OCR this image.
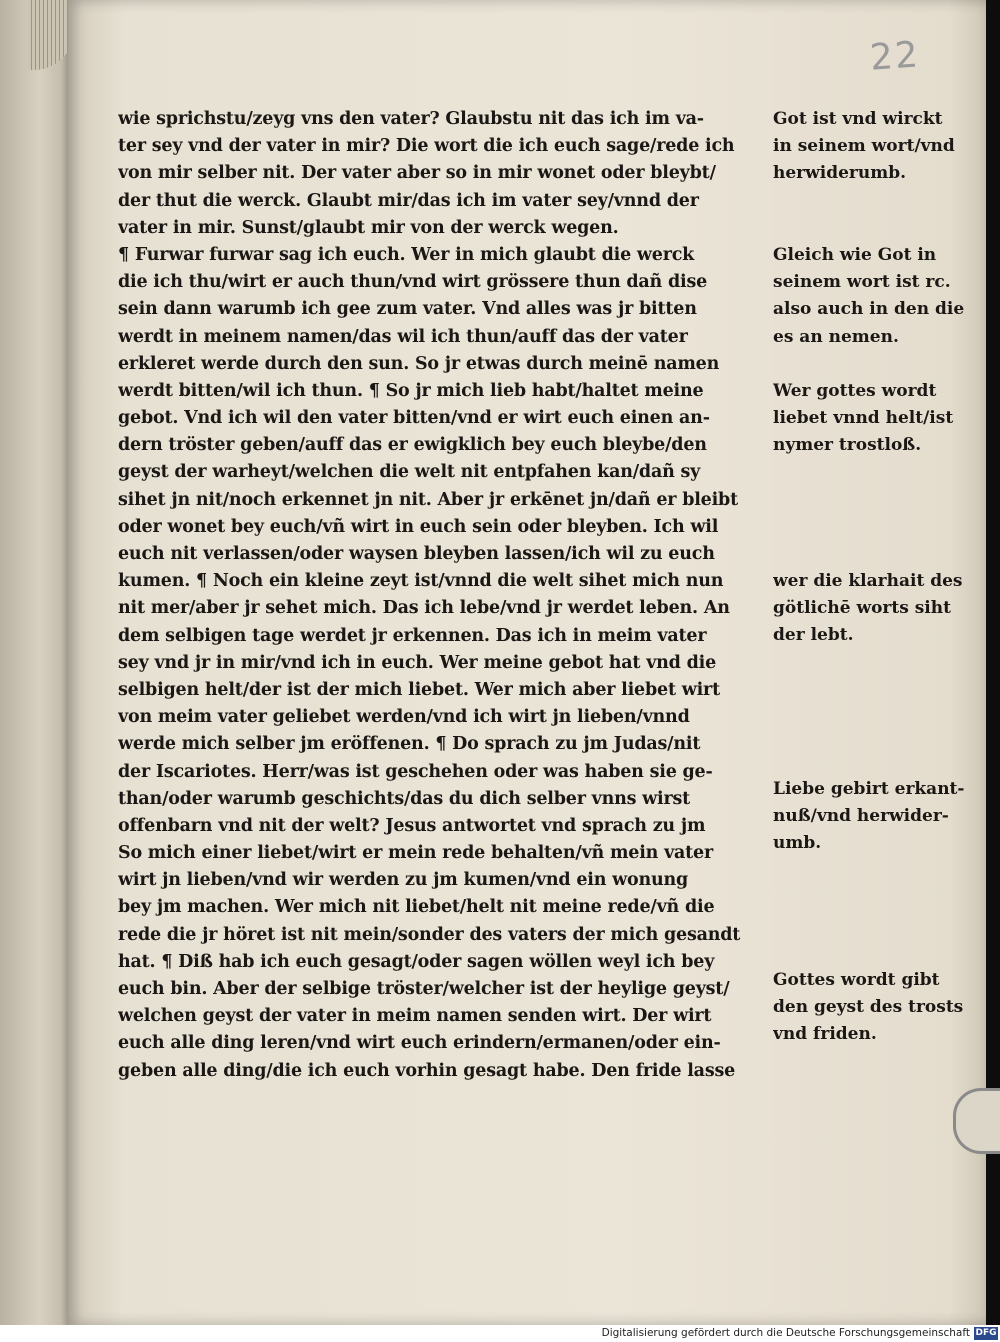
22
wie sprichstu/zeyg vns den vater? Glaubstu nit das ich im va-
ter sey vnd der vater in mir? Die wort die ich euch sage/rede ich
von mir selber nit. Der vater aber so in mir wonet oder bleybt/
der thut die werck. Glaubt mir/das ich im vater sey/vnnd der
vater in mir. Sunst/glaubt mir von der werck wegen.
¶ Furwar furwar sag ich euch. Wer in mich glaubt die werck
die ich thu/wirt er auch thun/vnd wirt grössere thun dañ dise
sein dann warumb ich gee zum vater. Vnd alles was jr bitten
werdt in meinem namen/das wil ich thun/auff das der vater
erkleret werde durch den sun. So jr etwas durch meinē namen
werdt bitten/wil ich thun. ¶ So jr mich lieb habt/haltet meine
gebot. Vnd ich wil den vater bitten/vnd er wirt euch einen an-
dern tröster geben/auff das er ewigklich bey euch bleybe/den
geyst der warheyt/welchen die welt nit entpfahen kan/dañ sy
sihet jn nit/noch erkennet jn nit. Aber jr erkēnet jn/dañ er bleibt
oder wonet bey euch/vñ wirt in euch sein oder bleyben. Ich wil
euch nit verlassen/oder waysen bleyben lassen/ich wil zu euch
kumen. ¶ Noch ein kleine zeyt ist/vnnd die welt sihet mich nun
nit mer/aber jr sehet mich. Das ich lebe/vnd jr werdet leben. An
dem selbigen tage werdet jr erkennen. Das ich in meim vater
sey vnd jr in mir/vnd ich in euch. Wer meine gebot hat vnd die
selbigen helt/der ist der mich liebet. Wer mich aber liebet wirt
von meim vater geliebet werden/vnd ich wirt jn lieben/vnnd
werde mich selber jm eröffenen. ¶ Do sprach zu jm Judas/nit
der Iscariotes. Herr/was ist geschehen oder was haben sie ge-
than/oder warumb geschichts/das du dich selber vnns wirst
offenbarn vnd nit der welt? Jesus antwortet vnd sprach zu jm
So mich einer liebet/wirt er mein rede behalten/vñ mein vater
wirt jn lieben/vnd wir werden zu jm kumen/vnd ein wonung
bey jm machen. Wer mich nit liebet/helt nit meine rede/vñ die
rede die jr höret ist nit mein/sonder des vaters der mich gesandt
hat. ¶ Diß hab ich euch gesagt/oder sagen wöllen weyl ich bey
euch bin. Aber der selbige tröster/welcher ist der heylige geyst/
welchen geyst der vater in meim namen senden wirt. Der wirt
euch alle ding leren/vnd wirt euch erindern/ermanen/oder ein-
geben alle ding/die ich euch vorhin gesagt habe. Den fride lasse
Got ist vnd wirckt
in seinem wort/vnd
herwiderumb.
Gleich wie Got in
seinem wort ist rc.
also auch in den die
es an nemen.
Wer gottes wordt
liebet vnnd helt/ist
nymer trostloß.
wer die klarhait des
götlichē worts siht
der lebt.
Liebe gebirt erkant-
nuß/vnd herwider-
umb.
Gottes wordt gibt
den geyst des trosts
vnd friden.
Digitalisierung gefördert durch die Deutsche Forschungsgemeinschaft DFG
